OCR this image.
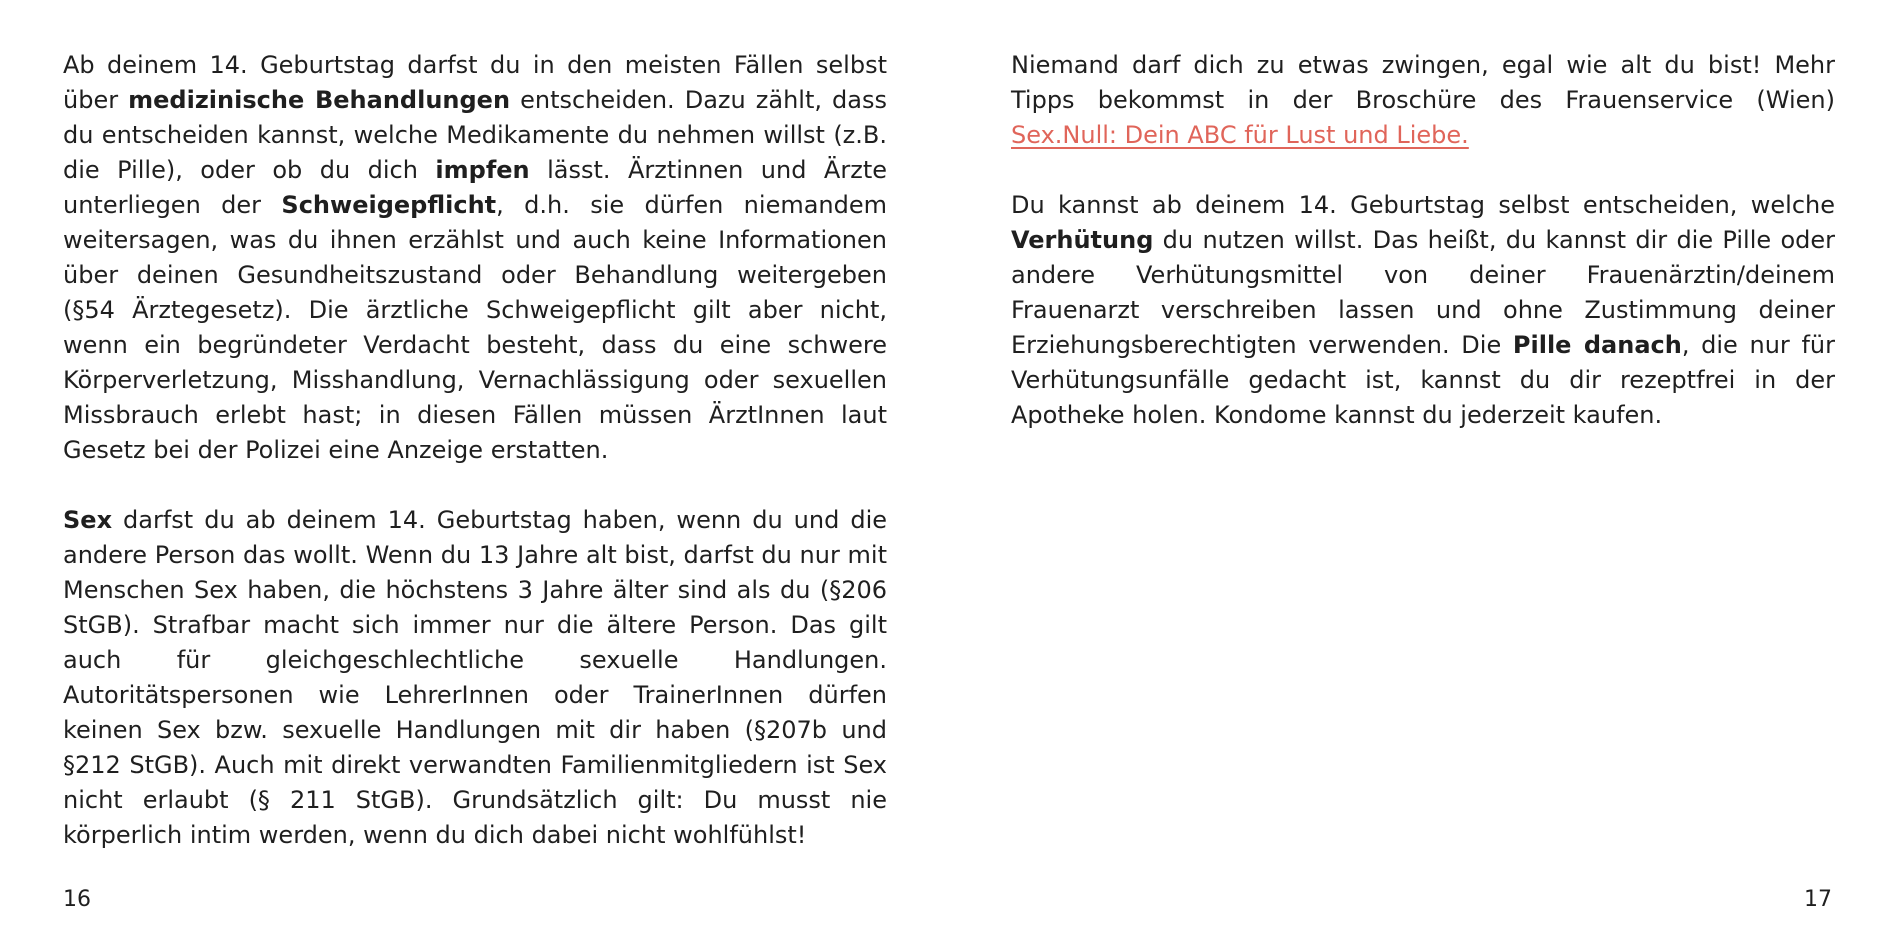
Ab deinem 14. Geburtstag darfst du in den meisten Fällen selbst über medizinische Behandlungen entscheiden. Dazu zählt, dass du entscheiden kannst, welche Medikamente du nehmen willst (z.B. die Pille), oder ob du dich impfen lässt. Ärztinnen und Ärzte unterliegen der Schweigepflicht, d.h. sie dürfen niemandem weitersagen, was du ihnen erzählst und auch keine Informationen über deinen Gesundheitszustand oder Behandlung weitergeben (§54 Ärztegesetz). Die ärztliche Schweigepflicht gilt aber nicht, wenn ein begründeter Verdacht besteht, dass du eine schwere Körperverletzung, Misshandlung, Vernachlässigung oder sexuellen Missbrauch erlebt hast; in diesen Fällen müssen ÄrztInnen laut Gesetz bei der Polizei eine Anzeige erstatten.

Sex darfst du ab deinem 14. Geburtstag haben, wenn du und die andere Person das wollt. Wenn du 13 Jahre alt bist, darfst du nur mit Menschen Sex haben, die höchstens 3 Jahre älter sind als du (§206 StGB). Strafbar macht sich immer nur die ältere Person. Das gilt auch für gleichgeschlechtliche sexuelle Handlungen. Autoritätspersonen wie LehrerInnen oder TrainerInnen dürfen keinen Sex bzw. sexuelle Handlungen mit dir haben (§207b und §212 StGB). Auch mit direkt verwandten Familienmitgliedern ist Sex nicht erlaubt (§ 211 StGB). Grundsätzlich gilt: Du musst nie körperlich intim werden, wenn du dich dabei nicht wohlfühlst!

16

Niemand darf dich zu etwas zwingen, egal wie alt du bist! Mehr Tipps bekommst in der Broschüre des Frauenservice (Wien) Sex.Null: Dein ABC für Lust und Liebe.

Du kannst ab deinem 14. Geburtstag selbst entscheiden, welche Verhütung du nutzen willst. Das heißt, du kannst dir die Pille oder andere Verhütungsmittel von deiner Frauenärztin/deinem Frauenarzt verschreiben lassen und ohne Zustimmung deiner Erziehungsberechtigten verwenden. Die Pille danach, die nur für Verhütungsunfälle gedacht ist, kannst du dir rezeptfrei in der Apotheke holen. Kondome kannst du jederzeit kaufen.

17
